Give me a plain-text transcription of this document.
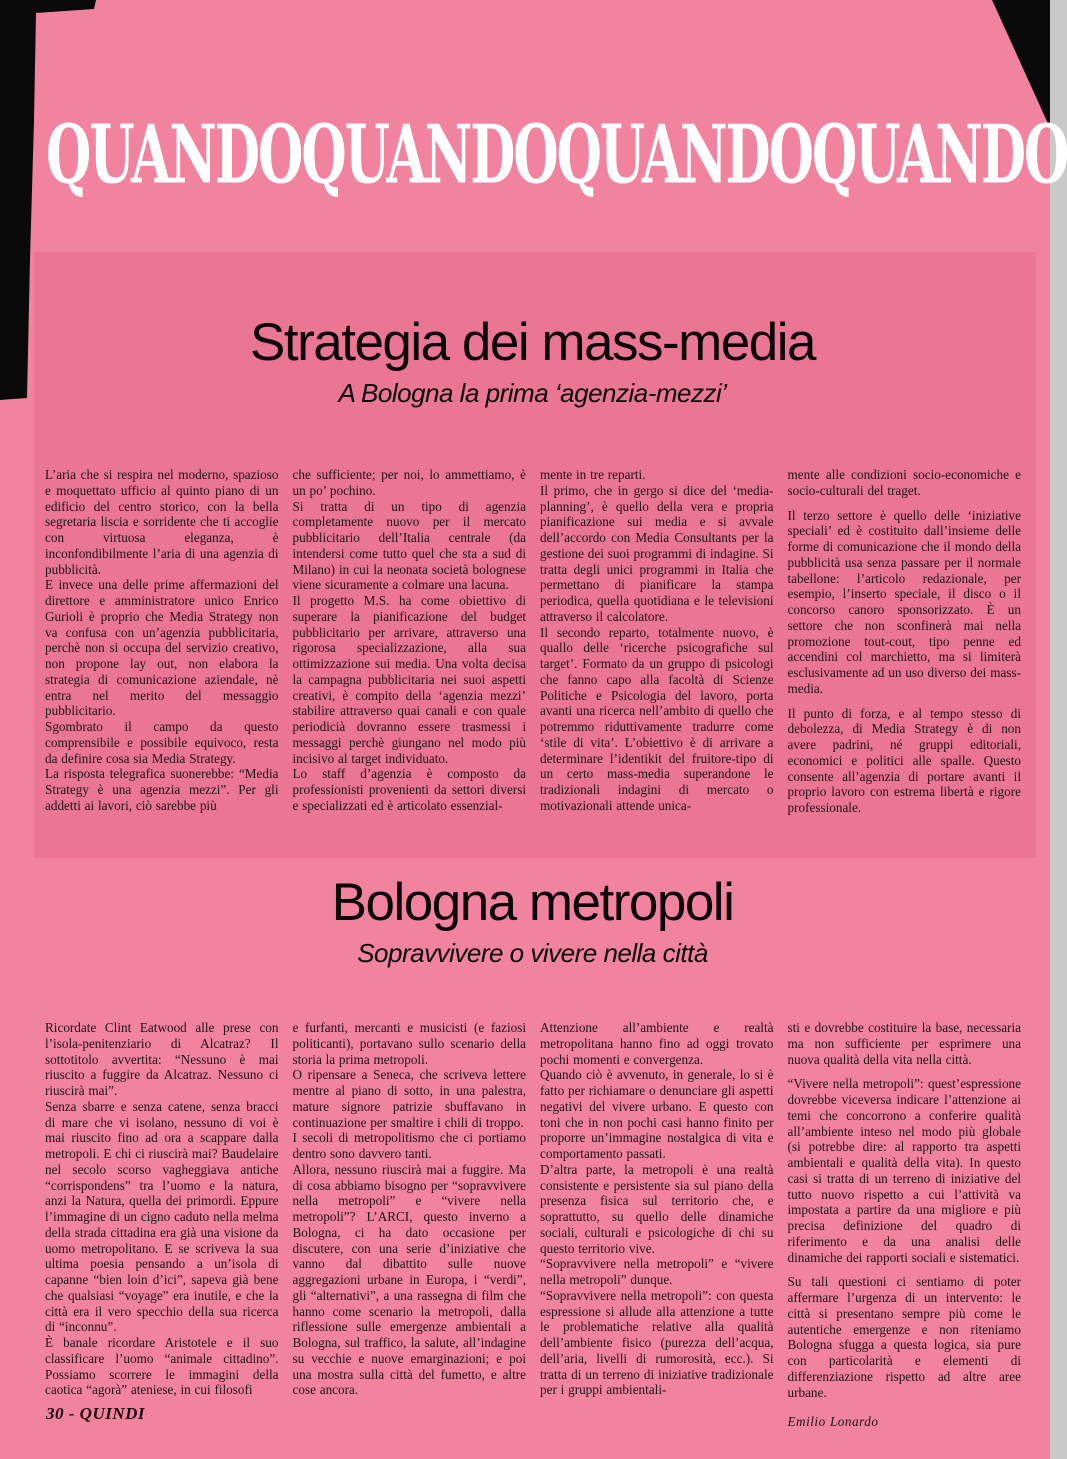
QUANDO QUANDO QUANDO QUANDO
Strategia dei mass-media
A Bologna la prima ‘agenzia-mezzi’

L’aria che si respira nel moderno, spazioso e moquettato ufficio al quinto piano di un edificio del centro storico, con la bella segretaria liscia e sorridente che ti accoglie con virtuosa eleganza, è inconfondibilmente l’aria di una agenzia di pubblicità.

E invece una delle prime affermazioni del direttore e amministratore unico Enrico Gurioli è proprio che Media Strategy non va confusa con un’agenzia pubblicitaria, perchè non si occupa del servizio creativo, non propone lay out, non elabora la strategia di comunicazione aziendale, nè entra nel merito del messaggio pubblicitario.

Sgombrato il campo da questo comprensibile e possibile equivoco, resta da definire cosa sia Media Strategy.

La risposta telegrafica suonerebbe: “Media Strategy è una agenzia mezzi”. Per gli addetti ai lavori, ciò sarebbe più

che sufficiente; per noi, lo ammettiamo, è un po’ pochino.

Si tratta di un tipo di agenzia completamente nuovo per il mercato pubblicitario dell’Italia centrale (da intendersi come tutto quel che sta a sud di Milano) in cui la neonata società bolognese viene sicuramente a colmare una lacuna.

Il progetto M.S. ha come obiettivo di superare la pianificazione del budget pubblicitario per arrivare, attraverso una rigorosa specializzazione, alla sua ottimizzazione sui media. Una volta decisa la campagna pubblicitaria nei suoi aspetti creativi, è compito della ‘agenzia mezzi’ stabilire attraverso quai canali e con quale periodicià dovranno essere trasmessi i messaggi perchè giungano nel modo più incisivo al target individuato.

Lo staff d’agenzia è composto da professionisti provenienti da settori diversi e specializzati ed è articolato essenzial-

mente in tre reparti.

Il primo, che in gergo si dice del ‘media-planning’, è quello della vera e propria pianificazione sui media e si avvale dell’accordo con Media Consultants per la gestione dei suoi programmi di indagine. Si tratta degli unici programmi in Italia che permettano di pianificare la stampa periodica, quella quotidiana e le televisioni attraverso il calcolatore.

Il secondo reparto, totalmente nuovo, è quallo delle ‘ricerche psicografiche sul target’. Formato da un gruppo di psicologi che fanno capo alla facoltà di Scienze Politiche e Psicologia del lavoro, porta avanti una ricerca nell’ambito di quello che potremmo riduttivamente tradurre come ‘stile di vita’. L’obiettivo è di arrivare a determinare l’identikit del fruitore-tipo di un certo mass-media superandone le tradizionali indagini di mercato o motivazionali attende unica-

mente alle condizioni socio-economiche e socio-culturali del traget.

Il terzo settore è quello delle ‘iniziative speciali’ ed è costituito dall’insieme delle forme di comunicazione che il mondo della pubblicità usa senza passare per il normale tabellone: l’articolo redazionale, per esempio, l’inserto speciale, il disco o il concorso canoro sponsorizzato. È un settore che non sconfinerà mai nella promozione tout-cout, tipo penne ed accendini col marchietto, ma si limiterà esclusivamente ad un uso diverso dei mass-media.

Il punto di forza, e al tempo stesso di debolezza, di Media Strategy è di non avere padrini, né gruppi editoriali, economici e politici alle spalle. Questo consente all’agenzia di portare avanti il proprio lavoro con estrema libertà e rigore professionale.

Bologna metropoli
Sopravvivere o vivere nella città

Ricordate Clint Eatwood alle prese con l’isola-penitenziario di Alcatraz? Il sottotitolo avvertita: “Nessuno è mai riuscito a fuggire da Alcatraz. Nessuno ci riuscirà mai”.

Senza sbarre e senza catene, senza bracci di mare che vi isolano, nessuno di voi è mai riuscito fino ad ora a scappare dalla metropoli. E chi ci riuscirà mai? Baudelaire nel secolo scorso vagheggiava antiche “corrispondens” tra l’uomo e la natura, anzi la Natura, quella dei primordi. Eppure l’immagine di un cigno caduto nella melma della strada cittadina era già una visione da uomo metropolitano. E se scriveva la sua ultima poesia pensando a un’isola di capanne “bien loin d’ici”, sapeva già bene che qualsiasi “voyage” era inutile, e che la città era il vero specchio della sua ricerca di “inconnu”.

È banale ricordare Aristotele e il suo classificare l’uomo “animale cittadino”. Possiamo scorrere le immagini della caotica “agorà” ateniese, in cui filosofi

e furfanti, mercanti e musicisti (e faziosi politicanti), portavano sullo scenario della storia la prima metropoli.

O ripensare a Seneca, che scriveva lettere mentre al piano di sotto, in una palestra, mature signore patrizie sbuffavano in continuazione per smaltire i chili di troppo.

I secoli di metropolitismo che ci portiamo dentro sono davvero tanti.

Allora, nessuno riuscirà mai a fuggire. Ma di cosa abbiamo bisogno per “sopravvivere nella metropoli” e “vivere nella metropoli”? L’ARCI, questo inverno a Bologna, ci ha dato occasione per discutere, con una serie d’iniziative che vanno dal dibattito sulle nuove aggregazioni urbane in Europa, i “verdi”, gli “alternativi”, a una rassegna di film che hanno come scenario la metropoli, dalla riflessione sulle emergenze ambientali a Bologna, sul traffico, la salute, all’indagine su vecchie e nuove emarginazioni; e poi una mostra sulla città del fumetto, e altre cose ancora.

Attenzione all’ambiente e realtà metropolitana hanno fino ad oggi trovato pochi momenti e convergenza.

Quando ciò è avvenuto, in generale, lo si è fatto per richiamare o denunciare gli aspetti negativi del vivere urbano. E questo con toni che in non pochi casi hanno finito per proporre un’immagine nostalgica di vita e comportamento passati.

D’altra parte, la metropoli è una realtà consistente e persistente sia sul piano della presenza fisica sul territorio che, e soprattutto, su quello delle dinamiche sociali, culturali e psicologiche di chi su questo territorio vive.

“Sopravvivere nella metropoli” e “vivere nella metropoli” dunque.

“Sopravvivere nella metropoli”: con questa espressione si allude alla attenzione a tutte le problematiche relative alla qualità dell’ambiente fisico (purezza dell’acqua, dell’aria, livelli di rumorosità, ecc.). Si tratta di un terreno di iniziative tradizionale per i gruppi ambientali-

sti e dovrebbe costituire la base, necessaria ma non sufficiente per esprimere una nuova qualità della vita nella città.

“Vivere nella metropoli”: quest’espressione dovrebbe viceversa indicare l’attenzione ai temi che concorrono a conferire qualità all’ambiente inteso nel modo più globale (si potrebbe dire: al rapporto tra aspetti ambientali e qualità della vita). In questo casi si tratta di un terreno di iniziative del tutto nuovo rispetto a cui l’attività va impostata a partire da una migliore e più precisa definizione del quadro di riferimento e da una analisi delle dinamiche dei rapporti sociali e sistematici.

Su tali questioni ci sentiamo di poter affermare l’urgenza di un intervento: le città si presentano sempre più come le autentiche emergenze e non riteniamo Bologna sfugga a questa logica, sia pure con particolarità e elementi di differenziazione rispetto ad altre aree urbane.

Emilio Lonardo

30 - QUINDI
